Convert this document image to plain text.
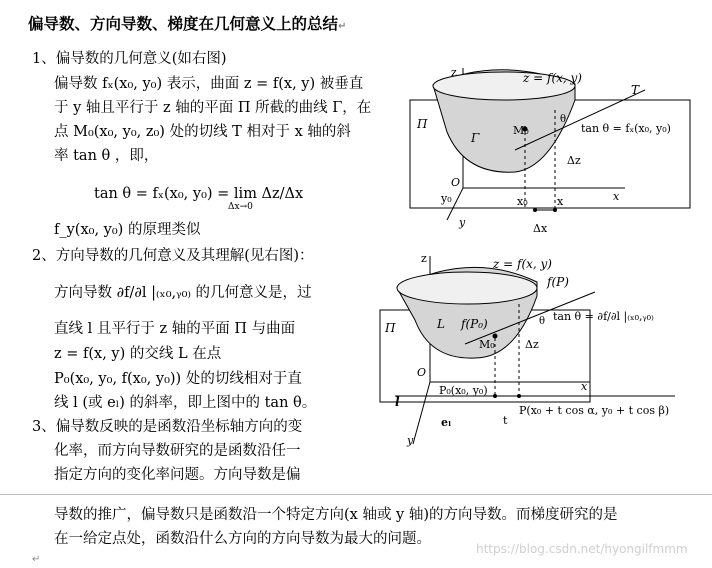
偏导数、方向导数、梯度在几何意义上的总结↵
1、偏导数的几何意义(如右图)
偏导数 fₓ(x₀, y₀) 表示，曲面 z = f(x, y) 被垂直
于 y 轴且平行于 z 轴的平面 Π 所截的曲线 Γ，在
点 M₀(x₀, y₀, z₀) 处的切线 T 相对于 x 轴的斜
率 tan θ ，即，
tan θ = fₓ(x₀, y₀) = lim Δz/Δx
Δx→0
f_y(x₀, y₀) 的原理类似
2、方向导数的几何意义及其理解(见右图)：
方向导数 ∂f/∂l |₍ₓ₀,ᵧ₀₎ 的几何意义是，过
直线 l 且平行于 z 轴的平面 Π 与曲面
z = f(x, y) 的交线 L 在点
P₀(x₀, y₀, f(x₀, y₀)) 处的切线相对于直
线 l (或 eₗ) 的斜率，即上图中的 tan θ。
3、偏导数反映的是函数沿坐标轴方向的变
化率，而方向导数研究的是函数沿任一
指定方向的变化率问题。方向导数是偏
导数的推广，偏导数只是函数沿一个特定方向(x 轴或 y 轴)的方向导数。而梯度研究的是
在一给定点处，函数沿什么方向的方向导数为最大的问题。
https://blog.csdn.net/hyongilfmmm
↵
z	z = f(x, y)
T
Π
Γ
M₀	tan θ = fₓ(x₀, y₀)
Δz
θ
O
y₀	x₀	x	x
y	Δx
z	z = f(x, y)
f(P)
Π	L f(P₀)
M₀
θ tan θ = ∂f/∂l |₍ₓ₀,ᵧ₀₎
Δz
O
P₀(x₀, y₀)	x
l
eₗ	t
P(x₀ + t cos α, y₀ + t cos β)
y
